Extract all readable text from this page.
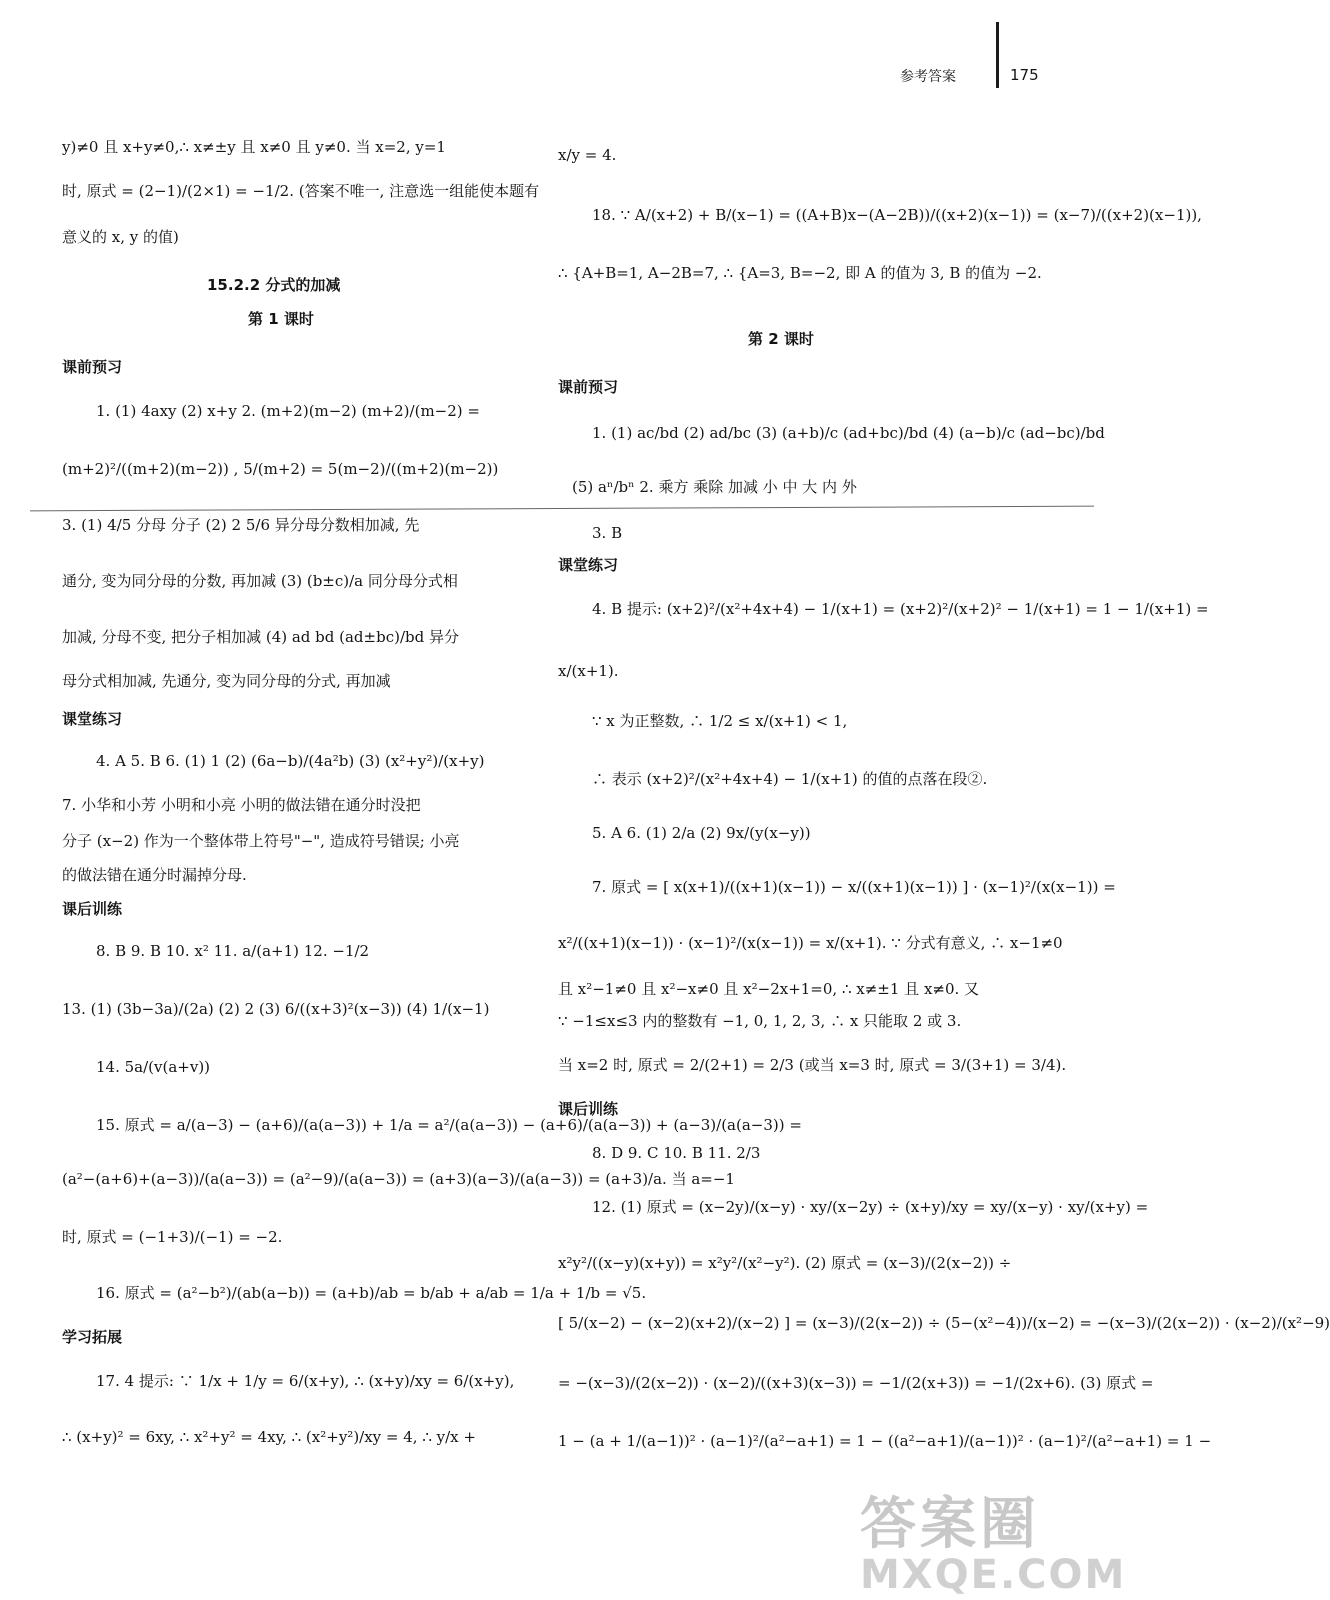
参考答案	175
y)≠0 且 x+y≠0,∴ x≠±y 且 x≠0 且 y≠0. 当 x=2, y=1
时, 原式 = (2−1)/(2×1) = −1/2. (答案不唯一, 注意选一组能使本题有
意义的 x, y 的值)
15.2.2 分式的加减
第 1 课时
课前预习
1. (1) 4axy (2) x+y 2. (m+2)(m−2) (m+2)/(m−2) =
(m+2)²/((m+2)(m−2)) , 5/(m+2) = 5(m−2)/((m+2)(m−2))
3. (1) 4/5 分母 分子 (2) 2 5/6 异分母分数相加减, 先
通分, 变为同分母的分数, 再加减 (3) (b±c)/a 同分母分式相
加减, 分母不变, 把分子相加减 (4) ad bd (ad±bc)/bd 异分
母分式相加减, 先通分, 变为同分母的分式, 再加减
课堂练习
4. A 5. B 6. (1) 1 (2) (6a−b)/(4a²b) (3) (x²+y²)/(x+y)
7. 小华和小芳 小明和小亮 小明的做法错在通分时没把
分子 (x−2) 作为一个整体带上符号"−", 造成符号错误; 小亮
的做法错在通分时漏掉分母.
课后训练
8. B 9. B 10. x² 11. a/(a+1) 12. −1/2
13. (1) (3b−3a)/(2a) (2) 2 (3) 6/((x+3)²(x−3)) (4) 1/(x−1)
14. 5a/(v(a+v))
15. 原式 = a/(a−3) − (a+6)/(a(a−3)) + 1/a = a²/(a(a−3)) − (a+6)/(a(a−3)) + (a−3)/(a(a−3)) =
(a²−(a+6)+(a−3))/(a(a−3)) = (a²−9)/(a(a−3)) = (a+3)(a−3)/(a(a−3)) = (a+3)/a. 当 a=−1
时, 原式 = (−1+3)/(−1) = −2.
16. 原式 = (a²−b²)/(ab(a−b)) = (a+b)/ab = b/ab + a/ab = 1/a + 1/b = √5.
学习拓展
17. 4 提示: ∵ 1/x + 1/y = 6/(x+y), ∴ (x+y)/xy = 6/(x+y),
∴ (x+y)² = 6xy, ∴ x²+y² = 4xy, ∴ (x²+y²)/xy = 4, ∴ y/x +
x/y = 4.
18. ∵ A/(x+2) + B/(x−1) = ((A+B)x−(A−2B))/((x+2)(x−1)) = (x−7)/((x+2)(x−1)),
∴ {A+B=1, A−2B=7, ∴ {A=3, B=−2, 即 A 的值为 3, B 的值为 −2.
第 2 课时
课前预习
1. (1) ac/bd (2) ad/bc (3) (a+b)/c (ad+bc)/bd (4) (a−b)/c (ad−bc)/bd
(5) aⁿ/bⁿ 2. 乘方 乘除 加减 小 中 大 内 外
3. B
课堂练习
4. B 提示: (x+2)²/(x²+4x+4) − 1/(x+1) = (x+2)²/(x+2)² − 1/(x+1) = 1 − 1/(x+1) =
x/(x+1).
∵ x 为正整数, ∴ 1/2 ≤ x/(x+1) < 1,
∴ 表示 (x+2)²/(x²+4x+4) − 1/(x+1) 的值的点落在段②.
5. A 6. (1) 2/a (2) 9x/(y(x−y))
7. 原式 = [ x(x+1)/((x+1)(x−1)) − x/((x+1)(x−1)) ] · (x−1)²/(x(x−1)) =
x²/((x+1)(x−1)) · (x−1)²/(x(x−1)) = x/(x+1). ∵ 分式有意义, ∴ x−1≠0
且 x²−1≠0 且 x²−x≠0 且 x²−2x+1=0, ∴ x≠±1 且 x≠0. 又
∵ −1≤x≤3 内的整数有 −1, 0, 1, 2, 3, ∴ x 只能取 2 或 3.
当 x=2 时, 原式 = 2/(2+1) = 2/3 (或当 x=3 时, 原式 = 3/(3+1) = 3/4).
课后训练
8. D 9. C 10. B 11. 2/3
12. (1) 原式 = (x−2y)/(x−y) · xy/(x−2y) ÷ (x+y)/xy = xy/(x−y) · xy/(x+y) =
x²y²/((x−y)(x+y)) = x²y²/(x²−y²). (2) 原式 = (x−3)/(2(x−2)) ÷
[ 5/(x−2) − (x−2)(x+2)/(x−2) ] = (x−3)/(2(x−2)) ÷ (5−(x²−4))/(x−2) = −(x−3)/(2(x−2)) · (x−2)/(x²−9)
= −(x−3)/(2(x−2)) · (x−2)/((x+3)(x−3)) = −1/(2(x+3)) = −1/(2x+6). (3) 原式 =
1 − (a + 1/(a−1))² · (a−1)²/(a²−a+1) = 1 − ((a²−a+1)/(a−1))² · (a−1)²/(a²−a+1) = 1 −
答案圈
MXQE.COM
